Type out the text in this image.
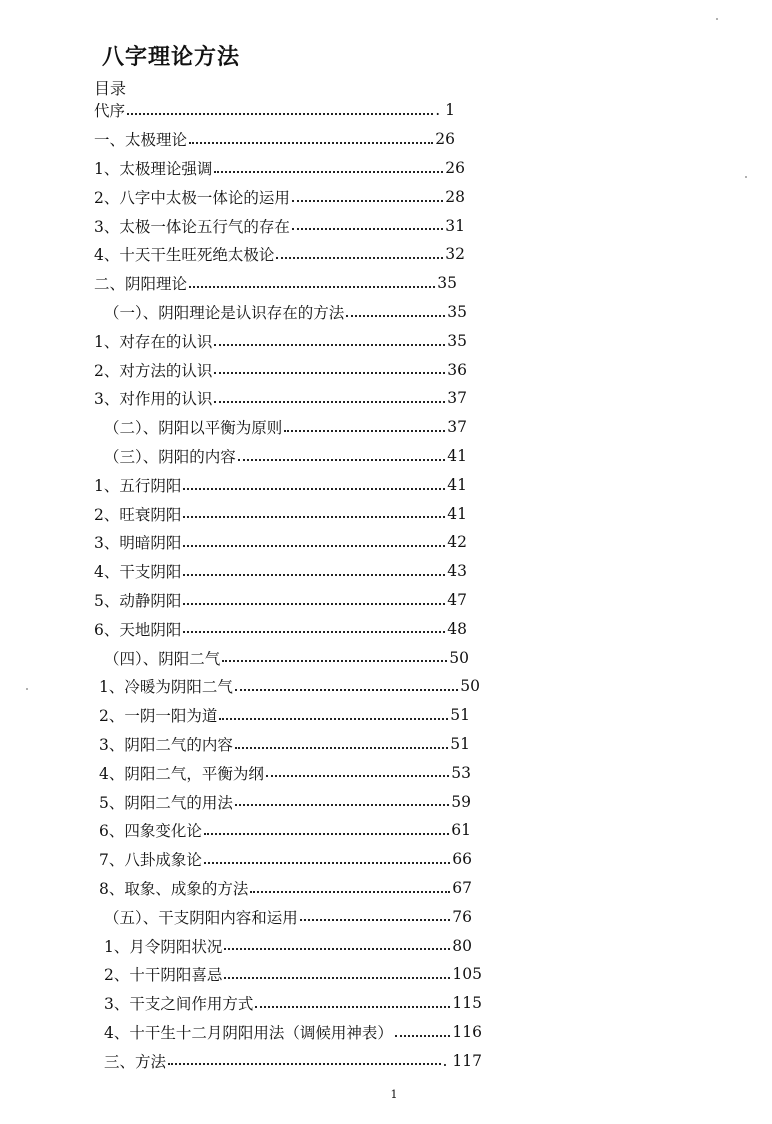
八字理论方法
目录
代序	. 1
一、太极理论	26
1、太极理论强调	26
2、八字中太极一体论的运用	28
3、太极一体论五行气的存在	31
4、十天干生旺死绝太极论	32
二、阴阳理论	35
（一）、阴阳理论是认识存在的方法	35
1、对存在的认识	35
2、对方法的认识	36
3、对作用的认识	37
（二）、阴阳以平衡为原则	37
（三）、阴阳的内容	41
1、五行阴阳	41
2、旺衰阴阳	41
3、明暗阴阳	42
4、干支阴阳	43
5、动静阴阳	47
6、天地阴阳	48
（四）、阴阳二气	50
1、冷暖为阴阳二气	50
2、一阴一阳为道	51
3、阴阳二气的内容	51
4、阴阳二气，平衡为纲	53
5、阴阳二气的用法	59
6、四象变化论	61
7、八卦成象论	66
8、取象、成象的方法	67
（五）、干支阴阳内容和运用	76
1、月令阴阳状况	80
2、十干阴阳喜忌	105
3、干支之间作用方式	115
4、十干生十二月阴阳用法（调候用神表）	116
三、方法	. 117
1
